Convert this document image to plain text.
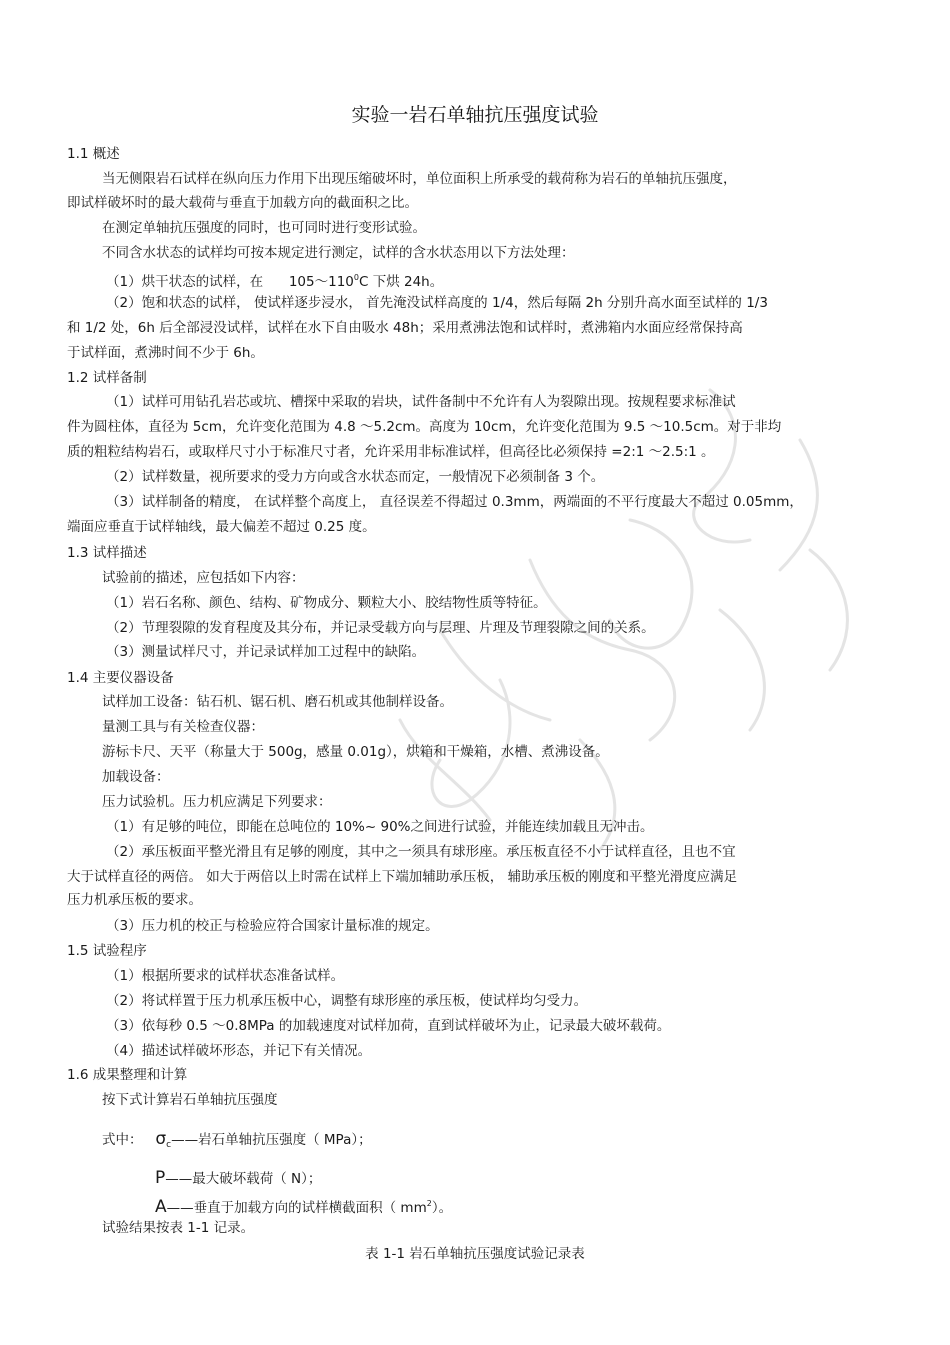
实验一岩石单轴抗压强度试验
1.1 概述
当无侧限岩石试样在纵向压力作用下出现压缩破坏时，单位面积上所承受的载荷称为岩石的单轴抗压强度，
即试样破坏时的最大载荷与垂直于加载方向的截面积之比。
在测定单轴抗压强度的同时，也可同时进行变形试验。
不同含水状态的试样均可按本规定进行测定，试样的含水状态用以下方法处理：
（1）烘干状态的试样，在 $105\sim 110^0C$ 下烘 24h。
（2）饱和状态的试样， 使试样逐步浸水， 首先淹没试样高度的 1/4，然后每隔 2h 分别升高水面至试样的 1/3
和 1/2 处，6h 后全部浸没试样，试样在水下自由吸水 48h；采用煮沸法饱和试样时，煮沸箱内水面应经常保持高
于试样面，煮沸时间不少于 6h。
1.2 试样备制
（1）试样可用钻孔岩芯或坑、槽探中采取的岩块，试件备制中不允许有人为裂隙出现。按规程要求标准试
件为圆柱体，直径为 5cm，允许变化范围为 4.8 ～5.2cm。高度为 10cm，允许变化范围为 9.5 ～10.5cm。对于非均
质的粗粒结构岩石，或取样尺寸小于标准尺寸者，允许采用非标准试样，但高径比必须保持 =2:1 ～2.5:1 。
（2）试样数量，视所要求的受力方向或含水状态而定，一般情况下必须制备 3 个。
（3）试样制备的精度， 在试样整个高度上， 直径误差不得超过 0.3mm，两端面的不平行度最大不超过 0.05mm，
端面应垂直于试样轴线，最大偏差不超过 0.25 度。
1.3 试样描述
试验前的描述，应包括如下内容：
（1）岩石名称、颜色、结构、矿物成分、颗粒大小、胶结物性质等特征。
（2）节理裂隙的发育程度及其分布，并记录受载方向与层理、片理及节理裂隙之间的关系。
（3）测量试样尺寸，并记录试样加工过程中的缺陷。
1.4 主要仪器设备
试样加工设备：钻石机、锯石机、磨石机或其他制样设备。
量测工具与有关检查仪器：
游标卡尺、天平（称量大于 500g，感量 0.01g），烘箱和干燥箱，水槽、煮沸设备。
加载设备：
压力试验机。压力机应满足下列要求：
（1）有足够的吨位，即能在总吨位的 10%~ 90%之间进行试验，并能连续加载且无冲击。
（2）承压板面平整光滑且有足够的刚度，其中之一须具有球形座。承压板直径不小于试样直径，且也不宜
大于试样直径的两倍。 如大于两倍以上时需在试样上下端加辅助承压板， 辅助承压板的刚度和平整光滑度应满足
压力机承压板的要求。
（3）压力机的校正与检验应符合国家计量标准的规定。
1.5 试验程序
（1）根据所要求的试样状态准备试样。
（2）将试样置于压力机承压板中心，调整有球形座的承压板，使试样均匀受力。
（3）依每秒 0.5 ～0.8MPa 的加载速度对试样加荷，直到试样破坏为止，记录最大破坏载荷。
（4）描述试样破坏形态，并记下有关情况。
1.6 成果整理和计算
按下式计算岩石单轴抗压强度
式中： $\sigma_c——$岩石单轴抗压强度（ MPa）；
P——最大破坏载荷（ N）；
A——垂直于加载方向的试样横截面积（ $mm^2$）。
试验结果按表 1-1 记录。
表 1-1 岩石单轴抗压强度试验记录表
